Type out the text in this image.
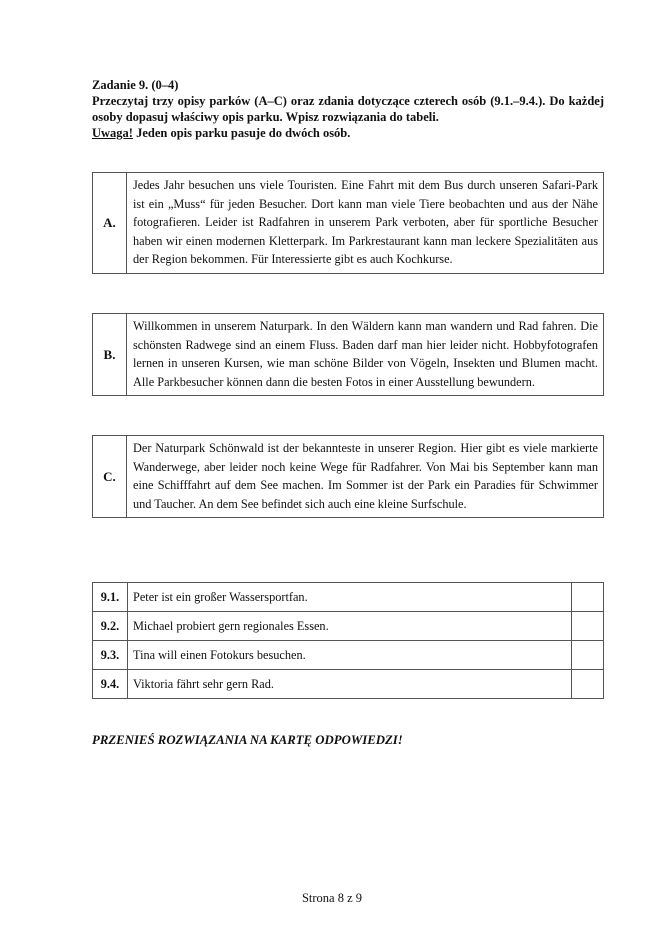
Zadanie 9. (0–4)
Przeczytaj trzy opisy parków (A–C) oraz zdania dotyczące czterech osób (9.1.–9.4.). Do każdej osoby dopasuj właściwy opis parku. Wpisz rozwiązania do tabeli.
Uwaga! Jeden opis parku pasuje do dwóch osób.
A.
Jedes Jahr besuchen uns viele Touristen. Eine Fahrt mit dem Bus durch unseren Safari-Park ist ein „Muss“ für jeden Besucher. Dort kann man viele Tiere beobachten und aus der Nähe fotografieren. Leider ist Radfahren in unserem Park verboten, aber für sportliche Besucher haben wir einen modernen Kletterpark. Im Parkrestaurant kann man leckere Spezialitäten aus der Region bekommen. Für Interessierte gibt es auch Kochkurse.
B.
Willkommen in unserem Naturpark. In den Wäldern kann man wandern und Rad fahren. Die schönsten Radwege sind an einem Fluss. Baden darf man hier leider nicht. Hobbyfotografen lernen in unseren Kursen, wie man schöne Bilder von Vögeln, Insekten und Blumen macht. Alle Parkbesucher können dann die besten Fotos in einer Ausstellung bewundern.
C.
Der Naturpark Schönwald ist der bekannteste in unserer Region. Hier gibt es viele markierte Wanderwege, aber leider noch keine Wege für Radfahrer. Von Mai bis September kann man eine Schifffahrt auf dem See machen. Im Sommer ist der Park ein Paradies für Schwimmer und Taucher. An dem See befindet sich auch eine kleine Surfschule.
9.1.	Peter ist ein großer Wassersportfan.	
9.2.	Michael probiert gern regionales Essen.	
9.3.	Tina will einen Fotokurs besuchen.	
9.4.	Viktoria fährt sehr gern Rad.	
PRZENIEŚ ROZWIĄZANIA NA KARTĘ ODPOWIEDZI!
Strona 8 z 9
